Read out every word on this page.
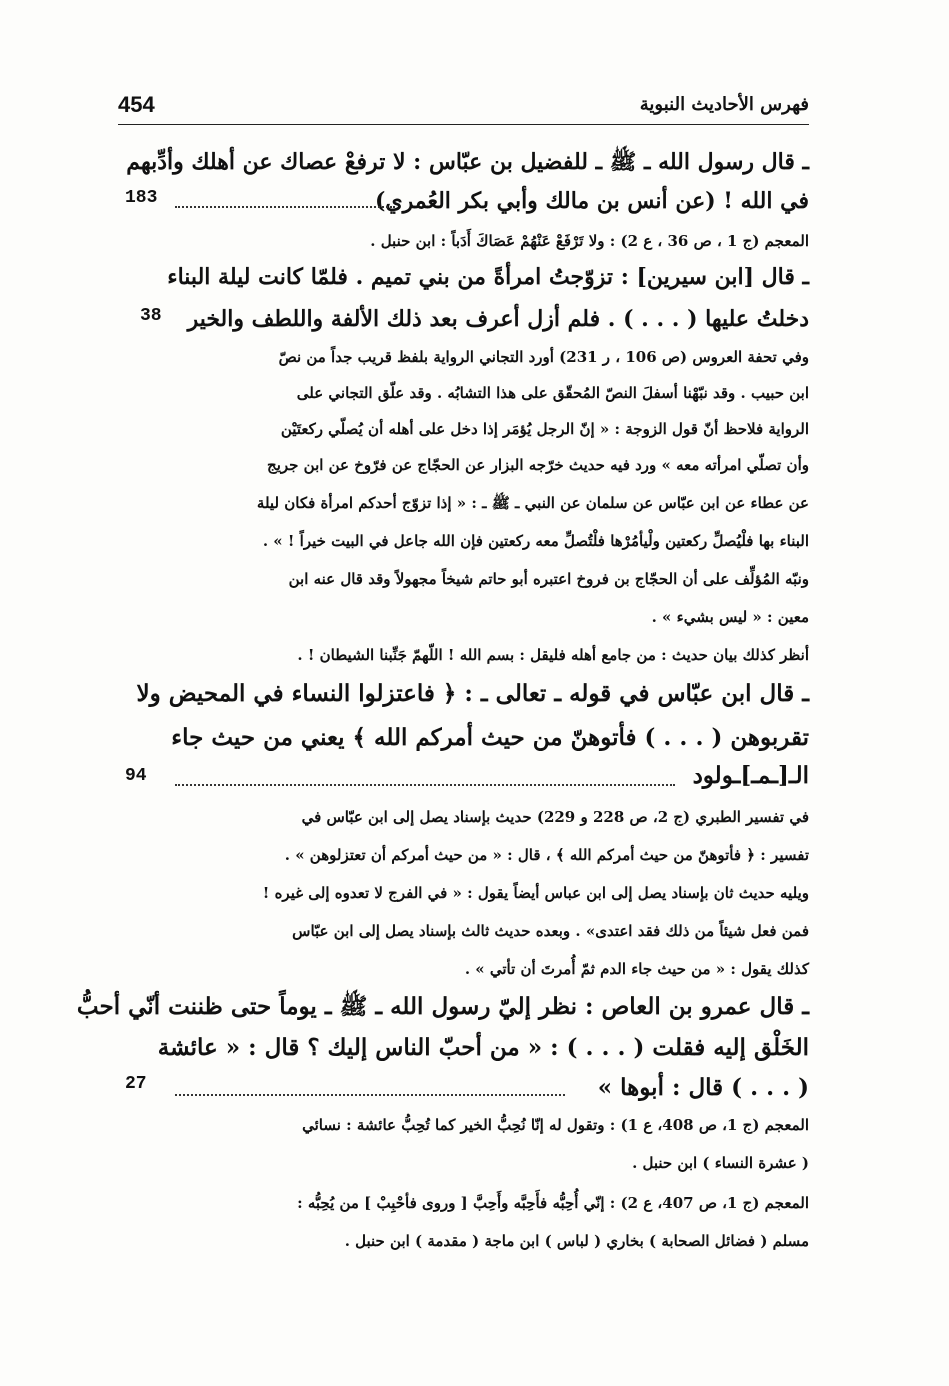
454	فهرس الأحاديث النبوية
ـ قال رسول الله ـ ﷺ ـ للفضيل بن عبّاس : لا ترفعْ عصاك عن أهلك وأدِّبهم
في الله ! (عن أنس بن مالك وأبي بكر العُمري)
183
المعجم (ج 1 ، ص 36 ، ع 2) : ولا تَرْفَعْ عَنْهُمْ عَصَاكَ أَدَباً : ابن حنبل .
ـ قال [ابن سيرين] : تزوّجتُ امرأةً من بني تميم . فلمّا كانت ليلة البناء
دخلتُ عليها ( . . . ) . فلم أزل أعرف بعد ذلك الألفة واللطف والخير
38
وفي تحفة العروس (ص 106 ، ر 231) أورد التجاني الرواية بلفظ قريب جداً من نصّ
ابن حبيب . وقد نبّهْنا أسفلَ النصّ المُحقّق على هذا التشابُه . وقد علّق التجاني على
الرواية فلاحظ أنّ قول الزوجة : « إنّ الرجل يُؤمَر إذا دخل على أهله أن يُصلّي ركعتَيْن
وأن تصلّي امرأته معه » ورد فيه حديث خرّجه البزار عن الحجّاج عن فرّوخ عن ابن جريج
عن عطاء عن ابن عبّاس عن سلمان عن النبي ـ ﷺ ـ : « إذا تزوّج أحدكم امرأة فكان ليلة
البناء بها فلْيُصلِّ ركعتين ولْيأمُرْها فلْتُصلِّ معه ركعتين فإن الله جاعل في البيت خيراً ! » .
ونبّه المُؤلِّف على أن الحجّاج بن فروخ اعتبره أبو حاتم شيخاً مجهولاً وقد قال عنه ابن
معين : « ليس بشيء » .
أنظر كذلك بيان حديث : من جامع أهله فليقل : بسم الله ! اللّهمّ جَنِّبنا الشيطان ! .
ـ قال ابن عبّاس في قوله ـ تعالى ـ : ﴿ فاعتزلوا النساء في المحيض ولا
تقربوهن ( . . . ) فأتوهنّ من حيث أمركم الله ﴾ يعني من حيث جاء
الـ[ـمـ]ـولود
94
في تفسير الطبري (ج 2، ص 228 و 229) حديث بإسناد يصل إلى ابن عبّاس في
تفسير : ﴿ فأتوهنّ من حيث أمركم الله ﴾ ، قال : « من حيث أمركم أن تعتزلوهن » .
ويليه حديث ثان بإسناد يصل إلى ابن عباس أيضاً يقول : « في الفرج لا تعدوه إلى غيره !
فمن فعل شيئاً من ذلك فقد اعتدى» . وبعده حديث ثالث بإسناد يصل إلى ابن عبّاس
كذلك يقول : « من حيث جاء الدم ثمّ أُمرتَ أن تأتي » .
ـ قال عمرو بن العاص : نظر إليّ رسول الله ـ ﷺ ـ يوماً حتى ظننت أنّي أحبُّ
الخَلْق إليه فقلت ( . . . ) : « من أحبّ الناس إليك ؟ قال : « عائشة
( . . . ) قال : أبوها »
27
المعجم (ج 1، ص 408، ع 1) : وتقول له إنّا نُحِبُّ الخير كما تُحِبُّ عائشة : نسائي
( عشرة النساء ) ابن حنبل .
المعجم (ج 1، ص 407، ع 2) : إنّي أُحِبُّه فأَحِبَّه وأَحِبَّ [ وروى فأحْبِبْ ] من يُحِبُّه :
مسلم ( فضائل الصحابة ) بخاري ( لباس ) ابن ماجة ( مقدمة ) ابن حنبل .
